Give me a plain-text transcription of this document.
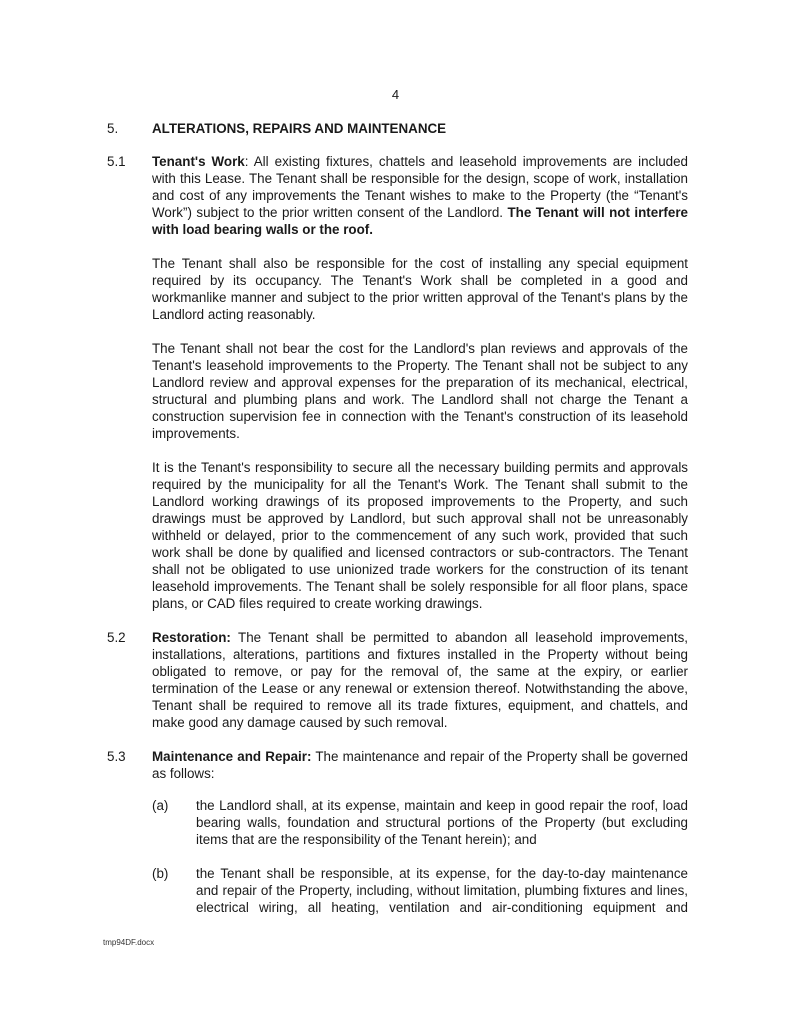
4
5.	ALTERATIONS, REPAIRS AND MAINTENANCE
5.1 Tenant's Work: All existing fixtures, chattels and leasehold improvements are included with this Lease. The Tenant shall be responsible for the design, scope of work, installation and cost of any improvements the Tenant wishes to make to the Property (the “Tenant's Work”) subject to the prior written consent of the Landlord. The Tenant will not interfere with load bearing walls or the roof.
The Tenant shall also be responsible for the cost of installing any special equipment required by its occupancy. The Tenant's Work shall be completed in a good and workmanlike manner and subject to the prior written approval of the Tenant's plans by the Landlord acting reasonably.
The Tenant shall not bear the cost for the Landlord's plan reviews and approvals of the Tenant's leasehold improvements to the Property. The Tenant shall not be subject to any Landlord review and approval expenses for the preparation of its mechanical, electrical, structural and plumbing plans and work. The Landlord shall not charge the Tenant a construction supervision fee in connection with the Tenant's construction of its leasehold improvements.
It is the Tenant's responsibility to secure all the necessary building permits and approvals required by the municipality for all the Tenant's Work. The Tenant shall submit to the Landlord working drawings of its proposed improvements to the Property, and such drawings must be approved by Landlord, but such approval shall not be unreasonably withheld or delayed, prior to the commencement of any such work, provided that such work shall be done by qualified and licensed contractors or sub-contractors. The Tenant shall not be obligated to use unionized trade workers for the construction of its tenant leasehold improvements. The Tenant shall be solely responsible for all floor plans, space plans, or CAD files required to create working drawings.
5.2 Restoration: The Tenant shall be permitted to abandon all leasehold improvements, installations, alterations, partitions and fixtures installed in the Property without being obligated to remove, or pay for the removal of, the same at the expiry, or earlier termination of the Lease or any renewal or extension thereof. Notwithstanding the above, Tenant shall be required to remove all its trade fixtures, equipment, and chattels, and make good any damage caused by such removal.
5.3 Maintenance and Repair: The maintenance and repair of the Property shall be governed as follows:
(a) the Landlord shall, at its expense, maintain and keep in good repair the roof, load bearing walls, foundation and structural portions of the Property (but excluding items that are the responsibility of the Tenant herein); and
(b) the Tenant shall be responsible, at its expense, for the day-to-day maintenance and repair of the Property, including, without limitation, plumbing fixtures and lines, electrical wiring, all heating, ventilation and air-conditioning equipment and
tmp94DF.docx
